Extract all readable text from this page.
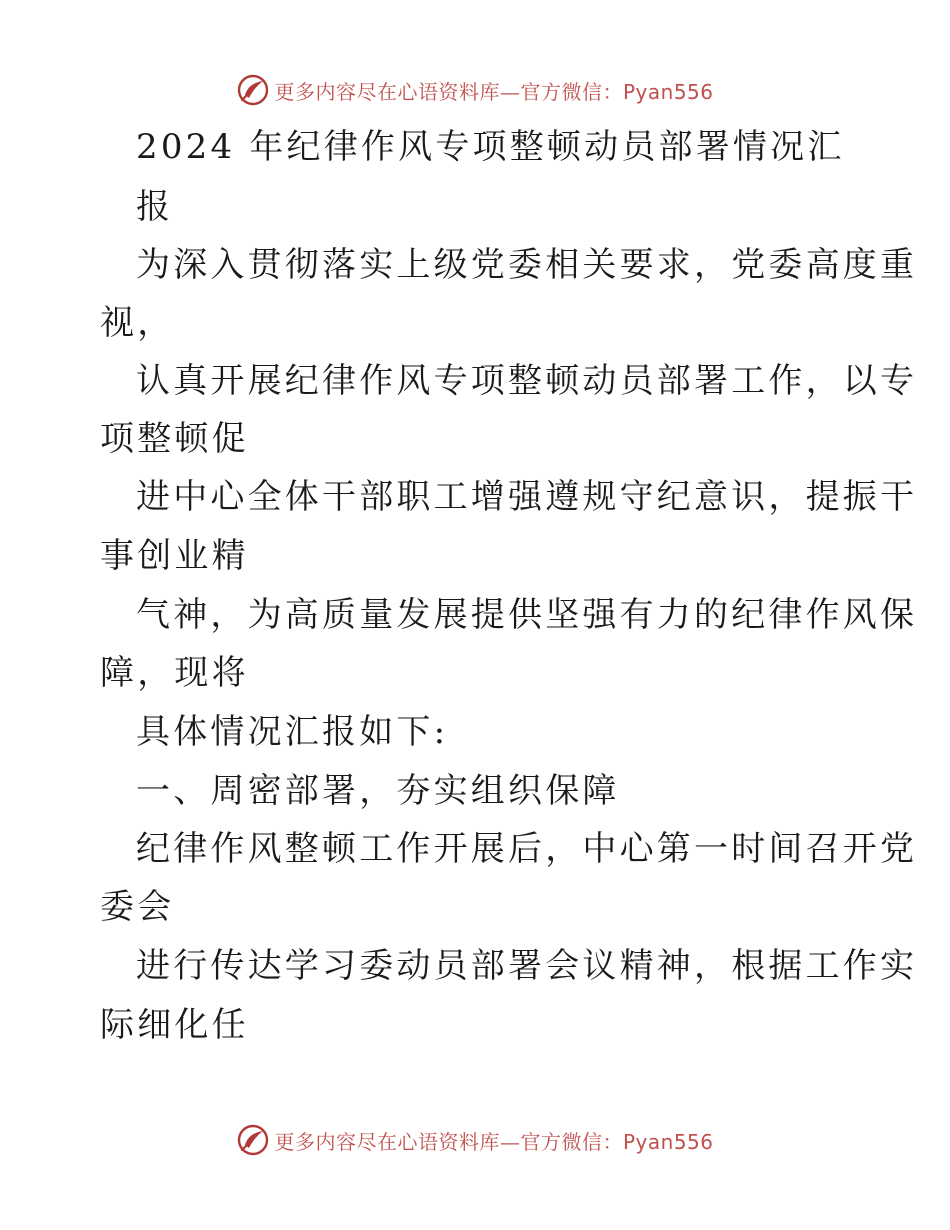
更多内容尽在心语资料库—官方微信：Pyan556
2024 年纪律作风专项整顿动员部署情况汇
报
为深入贯彻落实上级党委相关要求，党委高度重
视，
认真开展纪律作风专项整顿动员部署工作，以专
项整顿促
进中心全体干部职工增强遵规守纪意识，提振干
事创业精
气神，为高质量发展提供坚强有力的纪律作风保
障，现将
具体情况汇报如下:
一、周密部署，夯实组织保障
纪律作风整顿工作开展后，中心第一时间召开党
委会
进行传达学习委动员部署会议精神，根据工作实
际细化任
更多内容尽在心语资料库—官方微信：Pyan556
